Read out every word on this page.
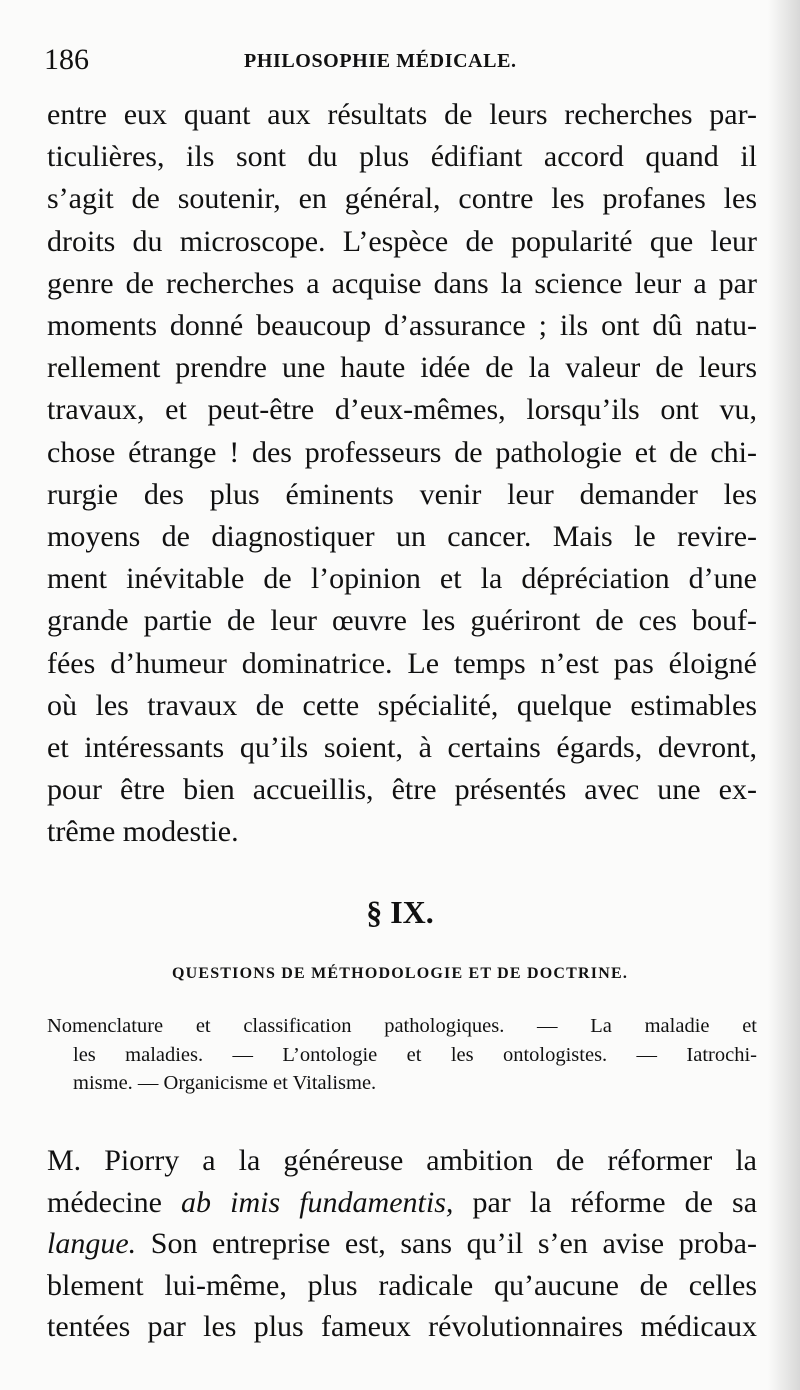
186	PHILOSOPHIE MÉDICALE.
entre eux quant aux résultats de leurs recherches par-
ticulières, ils sont du plus édifiant accord quand il
s’agit de soutenir, en général, contre les profanes les
droits du microscope. L’espèce de popularité que leur
genre de recherches a acquise dans la science leur a par
moments donné beaucoup d’assurance ; ils ont dû natu-
rellement prendre une haute idée de la valeur de leurs
travaux, et peut-être d’eux-mêmes, lorsqu’ils ont vu,
chose étrange ! des professeurs de pathologie et de chi-
rurgie des plus éminents venir leur demander les
moyens de diagnostiquer un cancer. Mais le revire-
ment inévitable de l’opinion et la dépréciation d’une
grande partie de leur œuvre les guériront de ces bouf-
fées d’humeur dominatrice. Le temps n’est pas éloigné
où les travaux de cette spécialité, quelque estimables
et intéressants qu’ils soient, à certains égards, devront,
pour être bien accueillis, être présentés avec une ex-
trême modestie.
§ IX.
QUESTIONS DE MÉTHODOLOGIE ET DE DOCTRINE.
Nomenclature et classification pathologiques. — La maladie et
les maladies. — L’ontologie et les ontologistes. — Iatrochi-
misme. — Organicisme et Vitalisme.
M. Piorry a la généreuse ambition de réformer la
médecine ab imis fundamentis, par la réforme de sa
langue. Son entreprise est, sans qu’il s’en avise proba-
blement lui-même, plus radicale qu’aucune de celles
tentées par les plus fameux révolutionnaires médicaux
